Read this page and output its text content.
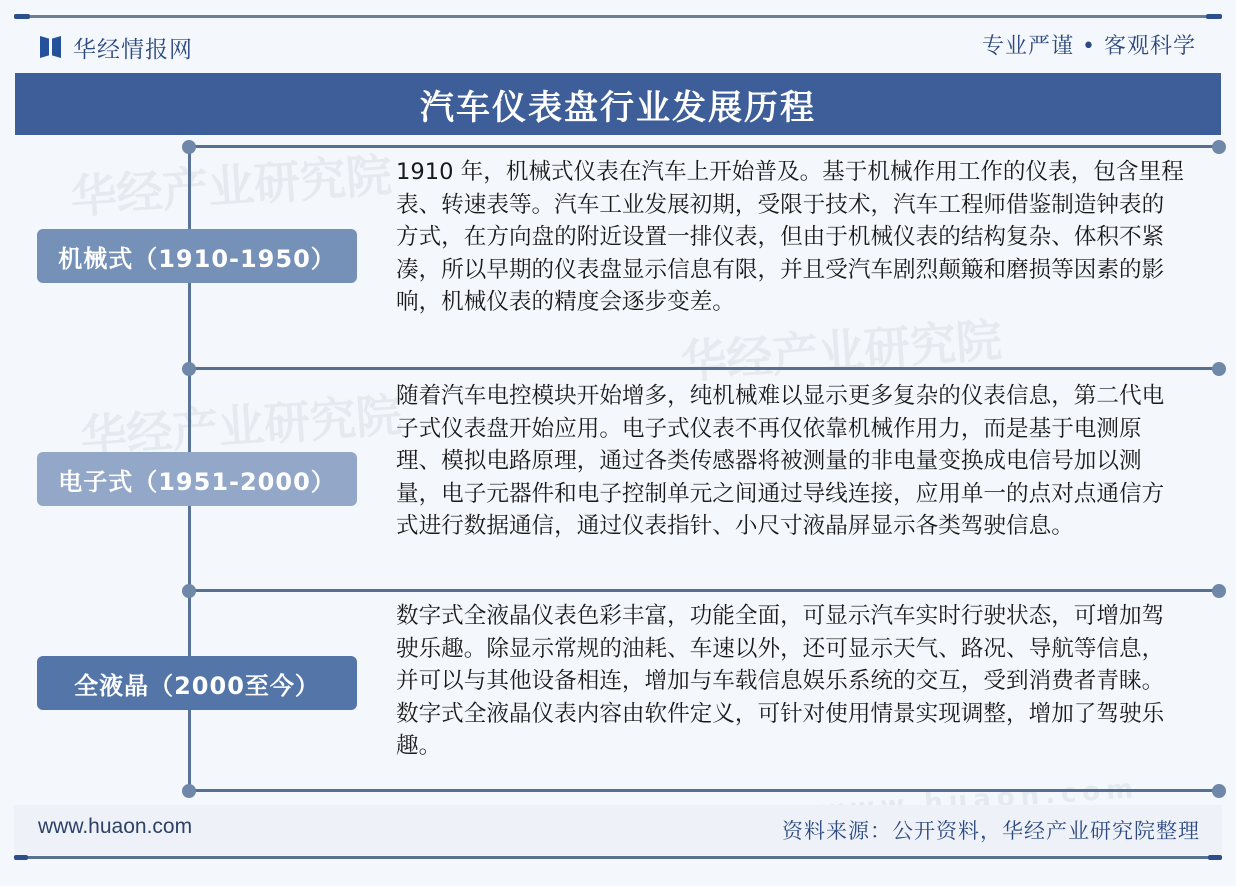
华经情报网	专业严谨 • 客观科学
汽车仪表盘行业发展历程
华经产业研究院
华经产业研究院
华经产业研究院
www.huaon.com
机械式（1910-1950）
1910 年，机械式仪表在汽车上开始普及。基于机械作用工作的仪表，包含里程表、转速表等。汽车工业发展初期，受限于技术，汽车工程师借鉴制造钟表的方式，在方向盘的附近设置一排仪表，但由于机械仪表的结构复杂、体积不紧凑，所以早期的仪表盘显示信息有限，并且受汽车剧烈颠簸和磨损等因素的影响，机械仪表的精度会逐步变差。
电子式（1951-2000）
随着汽车电控模块开始增多，纯机械难以显示更多复杂的仪表信息，第二代电子式仪表盘开始应用。电子式仪表不再仅依靠机械作用力，而是基于电测原理、模拟电路原理，通过各类传感器将被测量的非电量变换成电信号加以测量，电子元器件和电子控制单元之间通过导线连接，应用单一的点对点通信方式进行数据通信，通过仪表指针、小尺寸液晶屏显示各类驾驶信息。
全液晶（2000至今）
数字式全液晶仪表色彩丰富，功能全面，可显示汽车实时行驶状态，可增加驾驶乐趣。除显示常规的油耗、车速以外，还可显示天气、路况、导航等信息，并可以与其他设备相连，增加与车载信息娱乐系统的交互，受到消费者青睐。数字式全液晶仪表内容由软件定义，可针对使用情景实现调整，增加了驾驶乐趣。
www.huaon.com	资料来源：公开资料，华经产业研究院整理
